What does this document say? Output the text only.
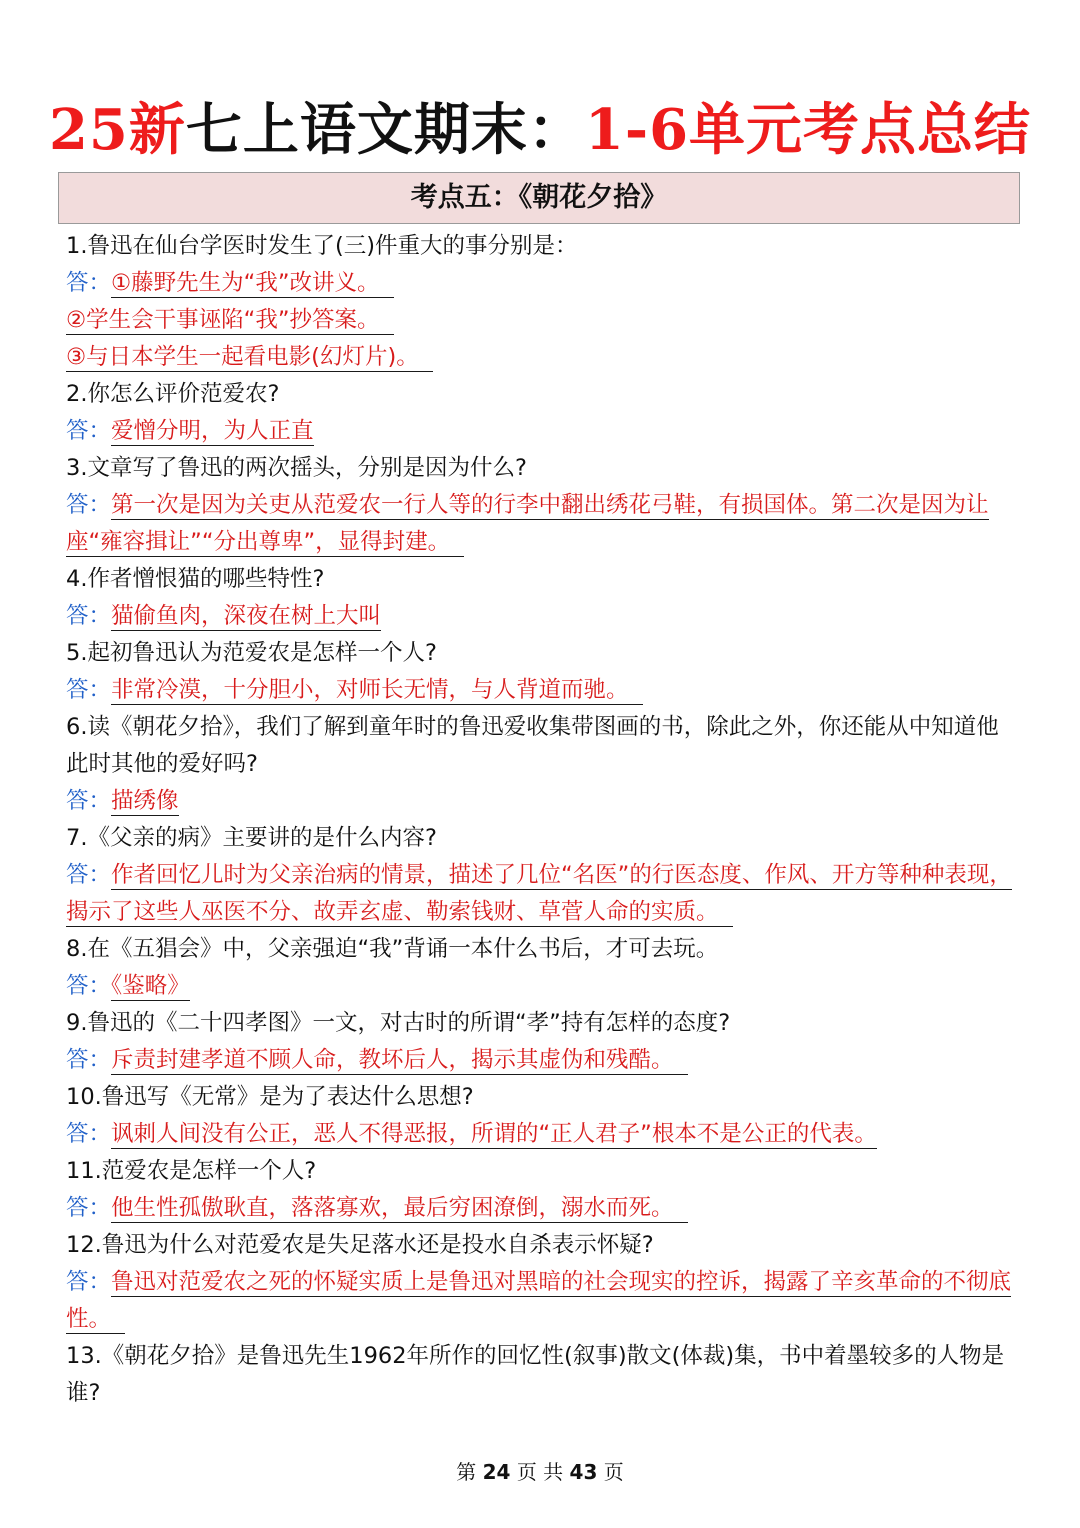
25新七上语文期末：1-6单元考点总结
考点五：《朝花夕拾》
1.鲁迅在仙台学医时发生了(三)件重大的事分别是：
答：①藤野先生为“我”改讲义。
②学生会干事诬陷“我”抄答案。
③与日本学生一起看电影(幻灯片)。
2.你怎么评价范爱农?
答：爱憎分明，为人正直
3.文章写了鲁迅的两次摇头，分别是因为什么?
答：第一次是因为关吏从范爱农一行人等的行李中翻出绣花弓鞋，有损国体。第二次是因为让座“雍容揖让”“分出尊卑”，显得封建。
4.作者憎恨猫的哪些特性?
答：猫偷鱼肉，深夜在树上大叫
5.起初鲁迅认为范爱农是怎样一个人?
答：非常冷漠，十分胆小，对师长无情，与人背道而驰。
6.读《朝花夕拾》，我们了解到童年时的鲁迅爱收集带图画的书，除此之外，你还能从中知道他此时其他的爱好吗?
答：描绣像
7.《父亲的病》主要讲的是什么内容?
答：作者回忆儿时为父亲治病的情景，描述了几位“名医”的行医态度、作风、开方等种种表现，揭示了这些人巫医不分、故弄玄虚、勒索钱财、草菅人命的实质。
8.在《五猖会》中，父亲强迫“我”背诵一本什么书后，才可去玩。
答：《鉴略》
9.鲁迅的《二十四孝图》一文，对古时的所谓“孝”持有怎样的态度?
答：斥责封建孝道不顾人命，教坏后人，揭示其虚伪和残酷。
10.鲁迅写《无常》是为了表达什么思想?
答：讽刺人间没有公正，恶人不得恶报，所谓的“正人君子”根本不是公正的代表。
11.范爱农是怎样一个人?
答：他生性孤傲耿直，落落寡欢，最后穷困潦倒，溺水而死。
12.鲁迅为什么对范爱农是失足落水还是投水自杀表示怀疑?
答：鲁迅对范爱农之死的怀疑实质上是鲁迅对黑暗的社会现实的控诉，揭露了辛亥革命的不彻底性。
13.《朝花夕拾》是鲁迅先生1962年所作的回忆性(叙事)散文(体裁)集，书中着墨较多的人物是谁?
第 24 页 共 43 页
